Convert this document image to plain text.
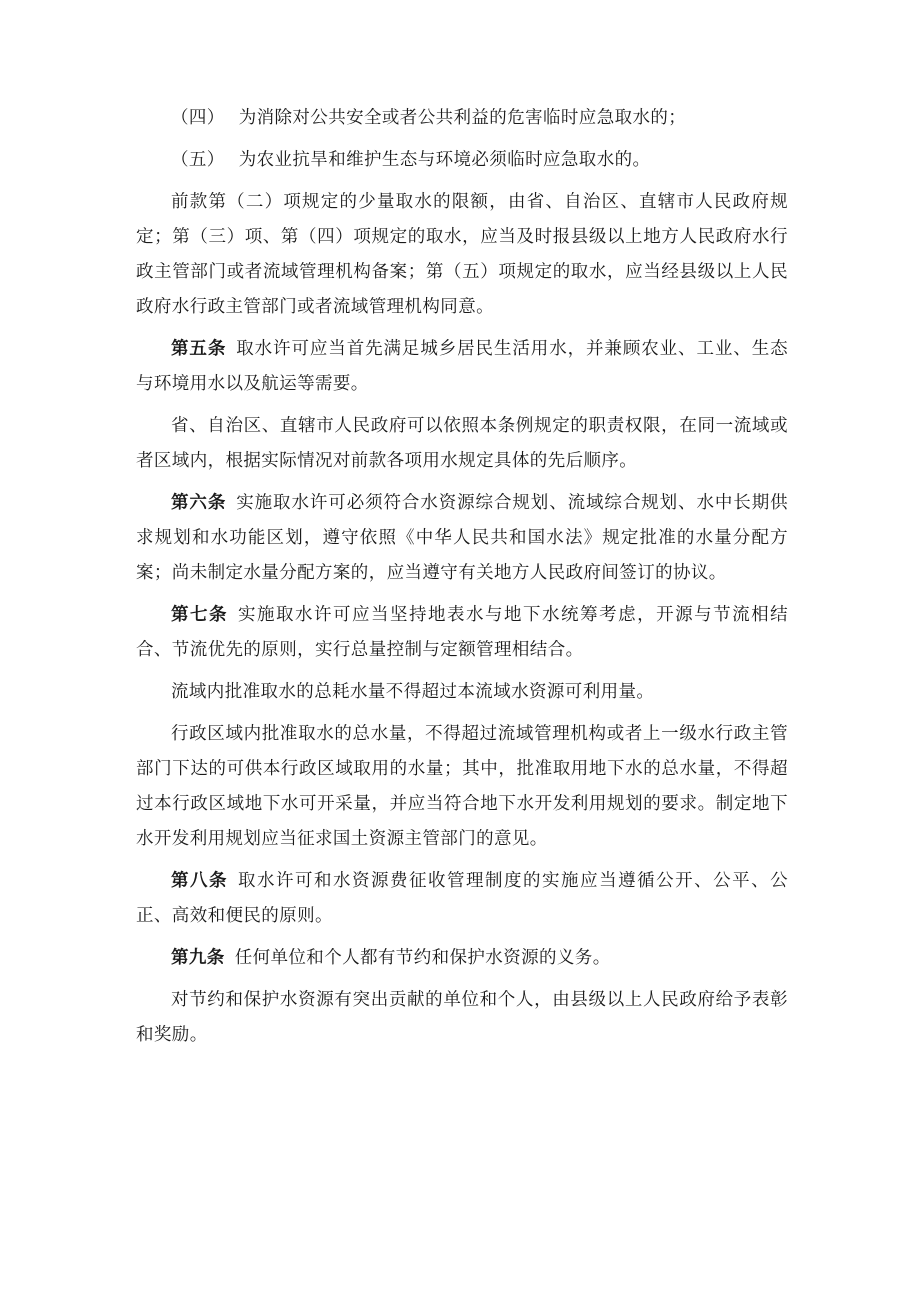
（四） 为消除对公共安全或者公共利益的危害临时应急取水的；

（五） 为农业抗旱和维护生态与环境必须临时应急取水的。

前款第（二）项规定的少量取水的限额，由省、自治区、直辖市人民政府规定；第（三）项、第（四）项规定的取水，应当及时报县级以上地方人民政府水行政主管部门或者流域管理机构备案；第（五）项规定的取水，应当经县级以上人民政府水行政主管部门或者流域管理机构同意。

第五条 取水许可应当首先满足城乡居民生活用水，并兼顾农业、工业、生态与环境用水以及航运等需要。

省、自治区、直辖市人民政府可以依照本条例规定的职责权限，在同一流域或者区域内，根据实际情况对前款各项用水规定具体的先后顺序。

第六条 实施取水许可必须符合水资源综合规划、流域综合规划、水中长期供求规划和水功能区划，遵守依照《中华人民共和国水法》规定批准的水量分配方案；尚未制定水量分配方案的，应当遵守有关地方人民政府间签订的协议。

第七条 实施取水许可应当坚持地表水与地下水统筹考虑，开源与节流相结合、节流优先的原则，实行总量控制与定额管理相结合。

流域内批准取水的总耗水量不得超过本流域水资源可利用量。

行政区域内批准取水的总水量，不得超过流域管理机构或者上一级水行政主管部门下达的可供本行政区域取用的水量；其中，批准取用地下水的总水量，不得超过本行政区域地下水可开采量，并应当符合地下水开发利用规划的要求。制定地下水开发利用规划应当征求国土资源主管部门的意见。

第八条 取水许可和水资源费征收管理制度的实施应当遵循公开、公平、公正、高效和便民的原则。

第九条 任何单位和个人都有节约和保护水资源的义务。

对节约和保护水资源有突出贡献的单位和个人，由县级以上人民政府给予表彰和奖励。
